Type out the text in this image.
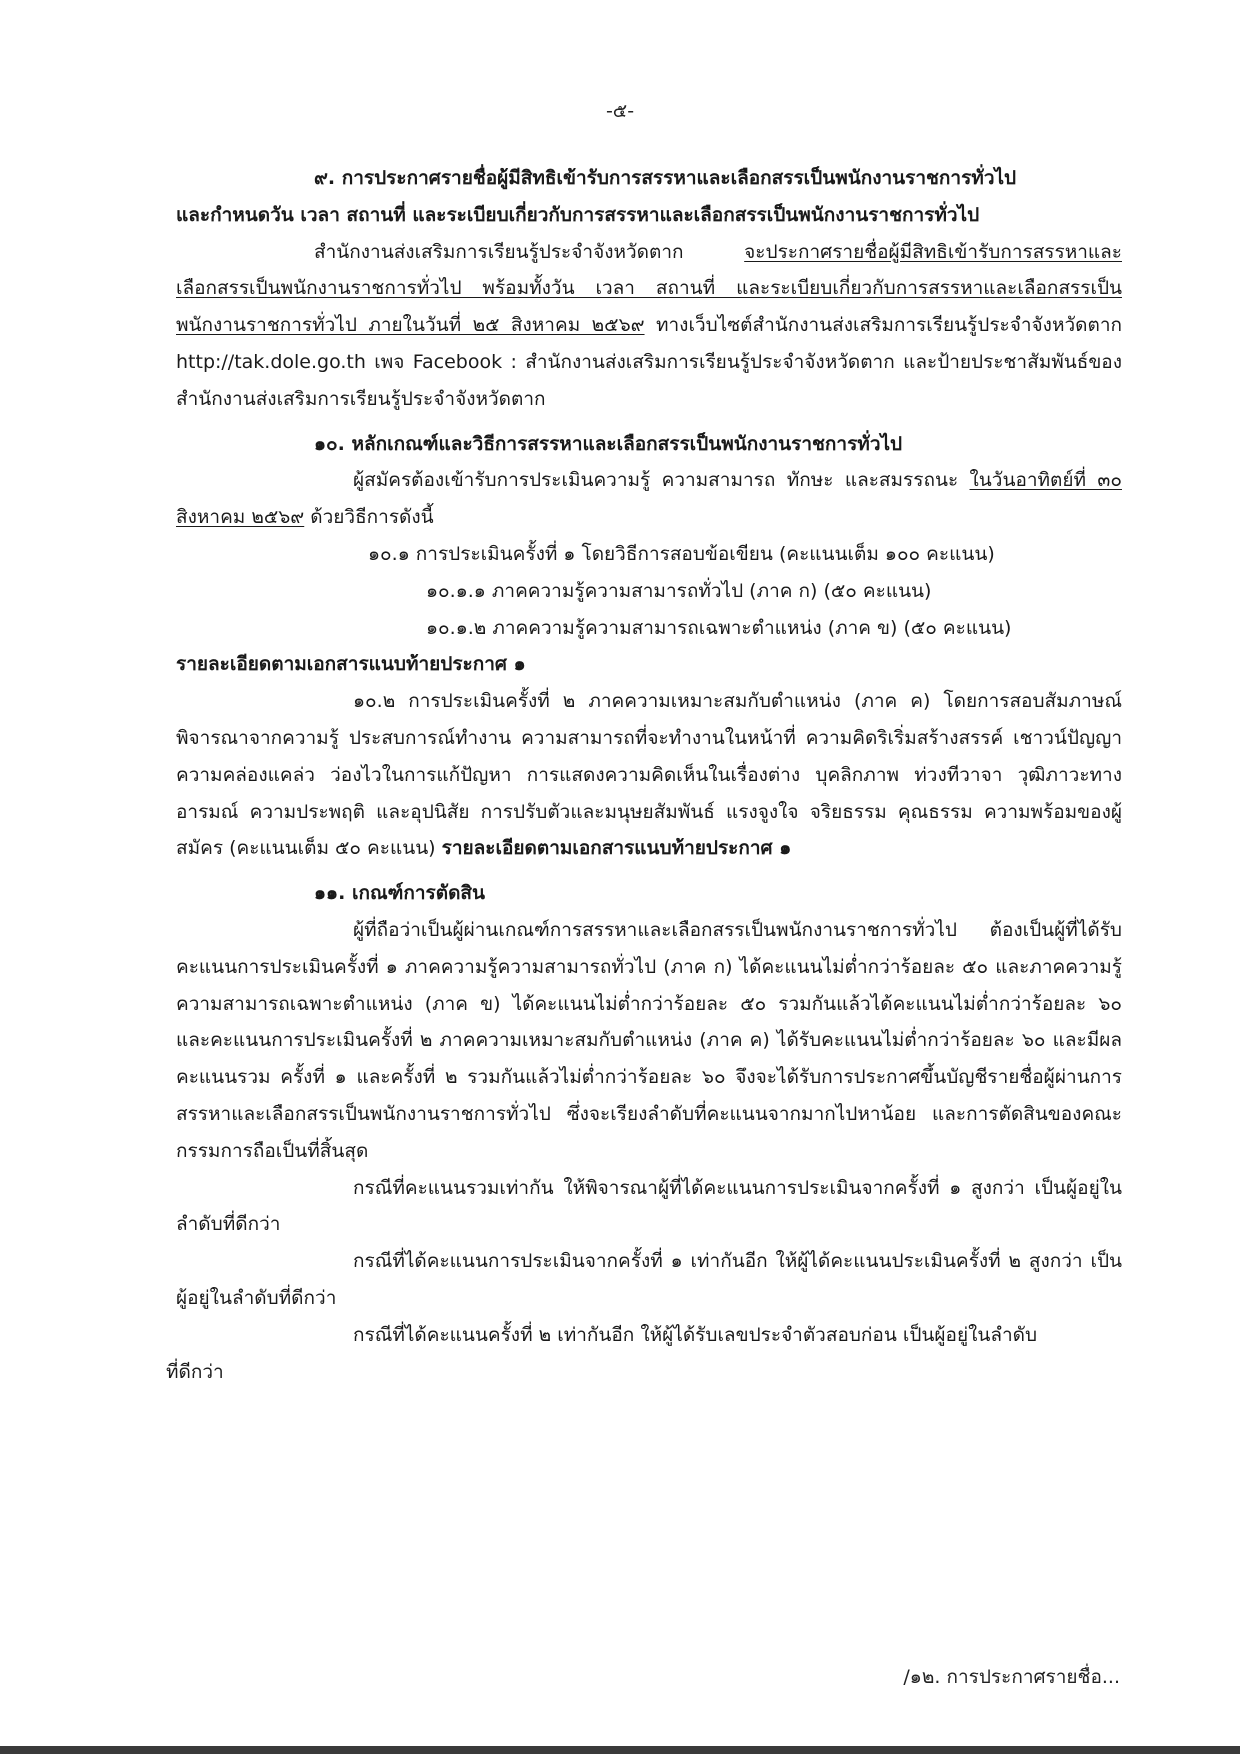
-๕-

๙. การประกาศรายชื่อผู้มีสิทธิเข้ารับการสรรหาและเลือกสรรเป็นพนักงานราชการทั่วไป

และกำหนดวัน เวลา สถานที่ และระเบียบเกี่ยวกับการสรรหาและเลือกสรรเป็นพนักงานราชการทั่วไป

สำนักงานส่งเสริมการเรียนรู้ประจำจังหวัดตาก จะประกาศรายชื่อผู้มีสิทธิเข้ารับการสรรหาและเลือกสรรเป็นพนักงานราชการทั่วไป พร้อมทั้งวัน เวลา สถานที่ และระเบียบเกี่ยวกับการสรรหาและเลือกสรรเป็นพนักงานราชการทั่วไป ภายในวันที่ ๒๕ สิงหาคม ๒๕๖๙ ทางเว็บไซต์สำนักงานส่งเสริมการเรียนรู้ประจำจังหวัดตาก http://tak.dole.go.th เพจ Facebook : สำนักงานส่งเสริมการเรียนรู้ประจำจังหวัดตาก และป้ายประชาสัมพันธ์ของสำนักงานส่งเสริมการเรียนรู้ประจำจังหวัดตาก

๑๐. หลักเกณฑ์และวิธีการสรรหาและเลือกสรรเป็นพนักงานราชการทั่วไป

ผู้สมัครต้องเข้ารับการประเมินความรู้ ความสามารถ ทักษะ และสมรรถนะ ในวันอาทิตย์ที่ ๓๐ สิงหาคม ๒๕๖๙ ด้วยวิธีการดังนี้

๑๐.๑ การประเมินครั้งที่ ๑ โดยวิธีการสอบข้อเขียน (คะแนนเต็ม ๑๐๐ คะแนน)

๑๐.๑.๑ ภาคความรู้ความสามารถทั่วไป (ภาค ก) (๕๐ คะแนน)

๑๐.๑.๒ ภาคความรู้ความสามารถเฉพาะตำแหน่ง (ภาค ข) (๕๐ คะแนน)

รายละเอียดตามเอกสารแนบท้ายประกาศ ๑

๑๐.๒ การประเมินครั้งที่ ๒ ภาคความเหมาะสมกับตำแหน่ง (ภาค ค) โดยการสอบสัมภาษณ์ พิจารณาจากความรู้ ประสบการณ์ทำงาน ความสามารถที่จะทำงานในหน้าที่ ความคิดริเริ่มสร้างสรรค์ เชาวน์ปัญญา ความคล่องแคล่ว ว่องไวในการแก้ปัญหา การแสดงความคิดเห็นในเรื่องต่าง บุคลิกภาพ ท่วงทีวาจา วุฒิภาวะทางอารมณ์ ความประพฤติ และอุปนิสัย การปรับตัวและมนุษยสัมพันธ์ แรงจูงใจ จริยธรรม คุณธรรม ความพร้อมของผู้สมัคร (คะแนนเต็ม ๕๐ คะแนน) รายละเอียดตามเอกสารแนบท้ายประกาศ ๑

๑๑. เกณฑ์การตัดสิน

ผู้ที่ถือว่าเป็นผู้ผ่านเกณฑ์การสรรหาและเลือกสรรเป็นพนักงานราชการทั่วไป ต้องเป็นผู้ที่ได้รับคะแนนการประเมินครั้งที่ ๑ ภาคความรู้ความสามารถทั่วไป (ภาค ก) ได้คะแนนไม่ต่ำกว่าร้อยละ ๕๐ และภาคความรู้ความสามารถเฉพาะตำแหน่ง (ภาค ข) ได้คะแนนไม่ต่ำกว่าร้อยละ ๕๐ รวมกันแล้วได้คะแนนไม่ต่ำกว่าร้อยละ ๖๐ และคะแนนการประเมินครั้งที่ ๒ ภาคความเหมาะสมกับตำแหน่ง (ภาค ค) ได้รับคะแนนไม่ต่ำกว่าร้อยละ ๖๐ และมีผลคะแนนรวม ครั้งที่ ๑ และครั้งที่ ๒ รวมกันแล้วไม่ต่ำกว่าร้อยละ ๖๐ จึงจะได้รับการประกาศขึ้นบัญชีรายชื่อผู้ผ่านการสรรหาและเลือกสรรเป็นพนักงานราชการทั่วไป ซึ่งจะเรียงลำดับที่คะแนนจากมากไปหาน้อย และการตัดสินของคณะกรรมการถือเป็นที่สิ้นสุด

กรณีที่คะแนนรวมเท่ากัน ให้พิจารณาผู้ที่ได้คะแนนการประเมินจากครั้งที่ ๑ สูงกว่า เป็นผู้อยู่ในลำดับที่ดีกว่า

กรณีที่ได้คะแนนการประเมินจากครั้งที่ ๑ เท่ากันอีก ให้ผู้ได้คะแนนประเมินครั้งที่ ๒ สูงกว่า เป็นผู้อยู่ในลำดับที่ดีกว่า

กรณีที่ได้คะแนนครั้งที่ ๒ เท่ากันอีก ให้ผู้ได้รับเลขประจำตัวสอบก่อน เป็นผู้อยู่ในลำดับ

ที่ดีกว่า

/๑๒. การประกาศรายชื่อ...
